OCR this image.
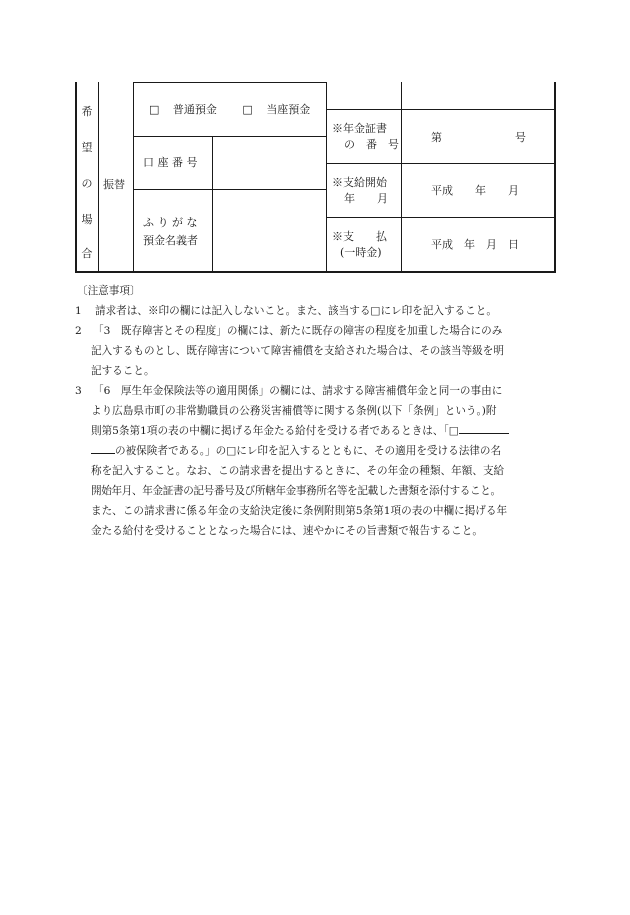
希
望
の
場
合
振替
□ 普通預金 □ 当座預金
口 座 番 号
ふ り が な
預金名義者
※年金証書
の　番　号
第	号
※支給開始
年　　月
平成　　年　　月
※支　　払
(一時金)
平成　年　月　日
〔注意事項〕
1 請求者は、※印の欄には記入しないこと。また、該当する□にレ印を記入すること。
2 「3　既存障害とその程度」の欄には、新たに既存の障害の程度を加重した場合にのみ
記入するものとし、既存障害について障害補償を支給された場合は、その該当等級を明
記すること。
3 「6　厚生年金保険法等の適用関係」の欄には、請求する障害補償年金と同一の事由に
より広島県市町の非常勤職員の公務災害補償等に関する条例(以下「条例」という。)附
則第5条第1項の表の中欄に掲げる年金たる給付を受ける者であるときは、「□
の被保険者である。」の□にレ印を記入するとともに、その適用を受ける法律の名
称を記入すること。なお、この請求書を提出するときに、その年金の種類、年額、支給
開始年月、年金証書の記号番号及び所轄年金事務所名等を記載した書類を添付すること。
また、この請求書に係る年金の支給決定後に条例附則第5条第1項の表の中欄に掲げる年
金たる給付を受けることとなった場合には、速やかにその旨書類で報告すること。
